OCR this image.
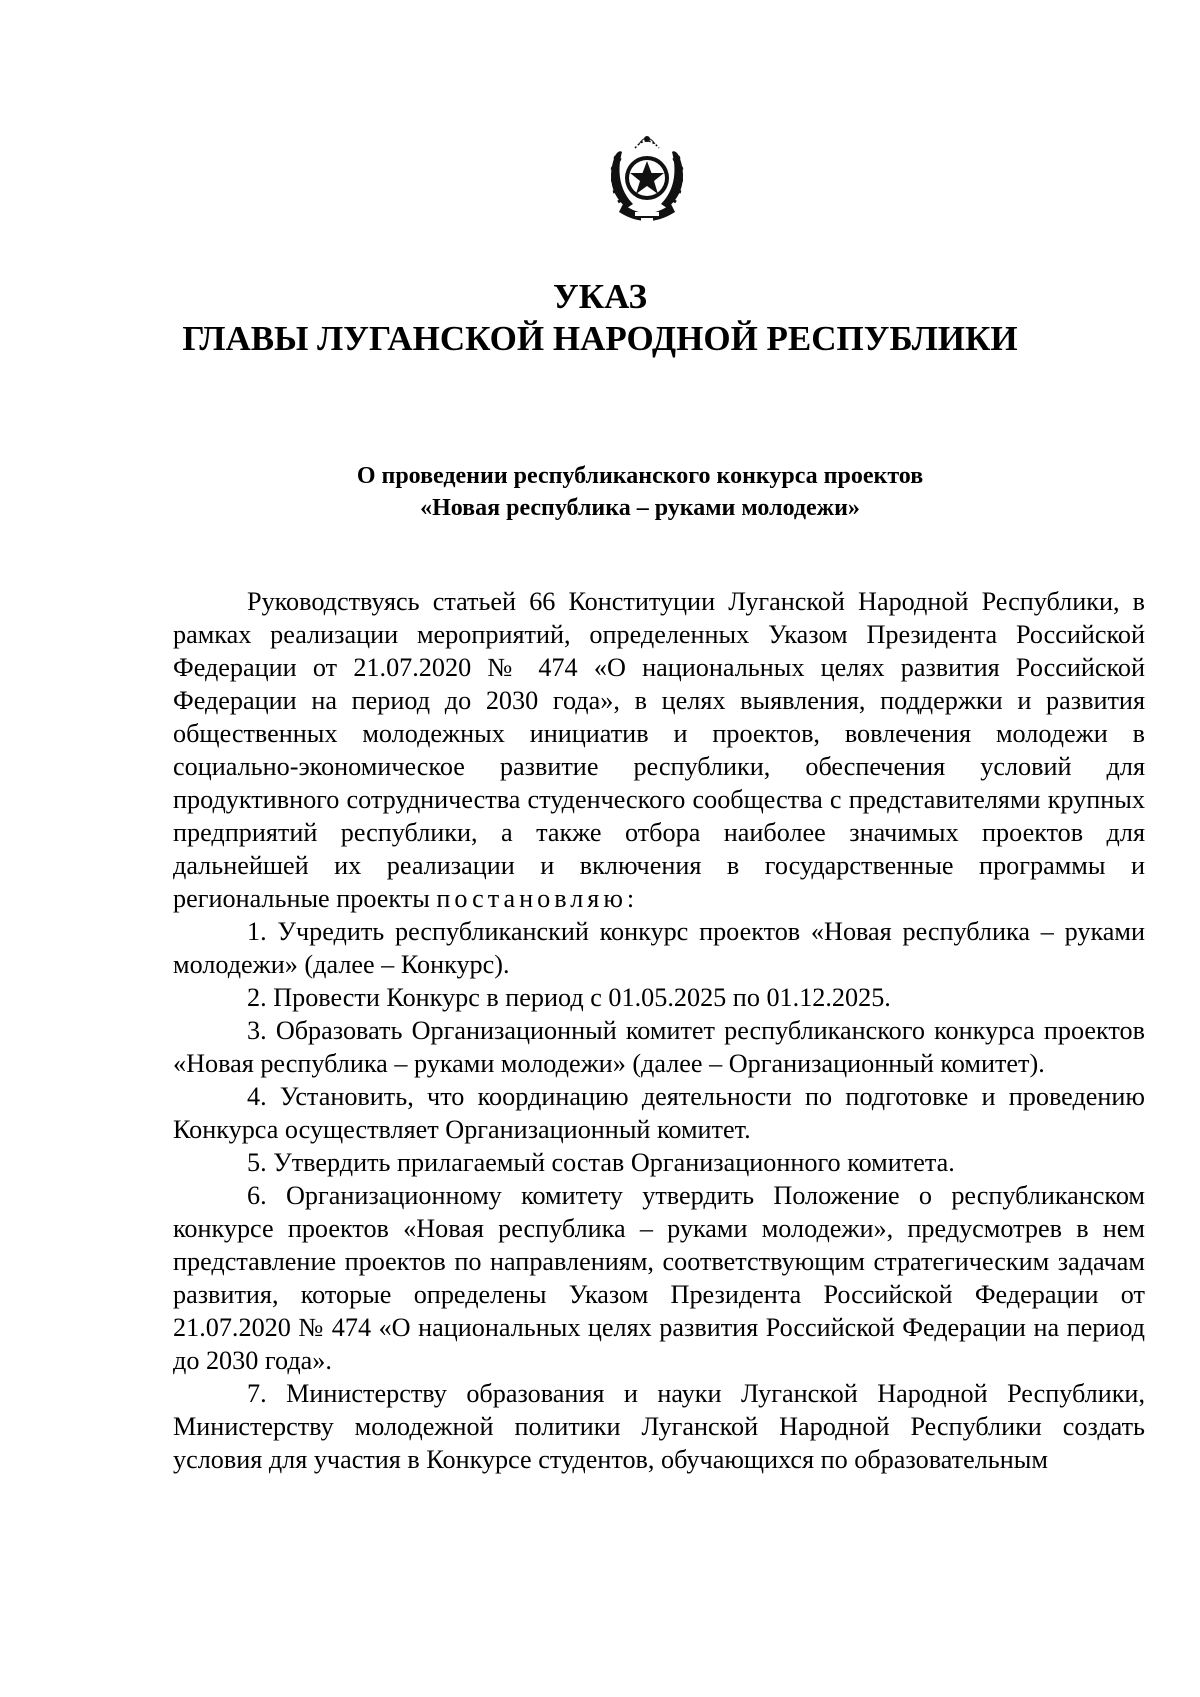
УКАЗ
ГЛАВЫ ЛУГАНСКОЙ НАРОДНОЙ РЕСПУБЛИКИ
О проведении республиканского конкурса проектов
«Новая республика – руками молодежи»

Руководствуясь статьей 66 Конституции Луганской Народной Республики, в рамках реализации мероприятий, определенных Указом Президента Российской Федерации от 21.07.2020 № 474 «О национальных целях развития Российской Федерации на период до 2030 года», в целях выявления, поддержки и развития общественных молодежных инициатив и проектов, вовлечения молодежи в социально-экономическое развитие республики, обеспечения условий для продуктивного сотрудничества студенческого сообщества с представителями крупных предприятий республики, а также отбора наиболее значимых проектов для дальнейшей их реализации и включения в государственные программы и региональные проекты постановляю:

1. Учредить республиканский конкурс проектов «Новая республика – руками молодежи» (далее – Конкурс).

2. Провести Конкурс в период с 01.05.2025 по 01.12.2025.

3. Образовать Организационный комитет республиканского конкурса проектов «Новая республика – руками молодежи» (далее – Организационный комитет).

4. Установить, что координацию деятельности по подготовке и проведению Конкурса осуществляет Организационный комитет.

5. Утвердить прилагаемый состав Организационного комитета.

6. Организационному комитету утвердить Положение о республиканском конкурсе проектов «Новая республика – руками молодежи», предусмотрев в нем представление проектов по направлениям, соответствующим стратегическим задачам развития, которые определены Указом Президента Российской Федерации от 21.07.2020 № 474 «О национальных целях развития Российской Федерации на период до 2030 года».

7. Министерству образования и науки Луганской Народной Республики, Министерству молодежной политики Луганской Народной Республики создать условия для участия в Конкурсе студентов, обучающихся по образовательным
